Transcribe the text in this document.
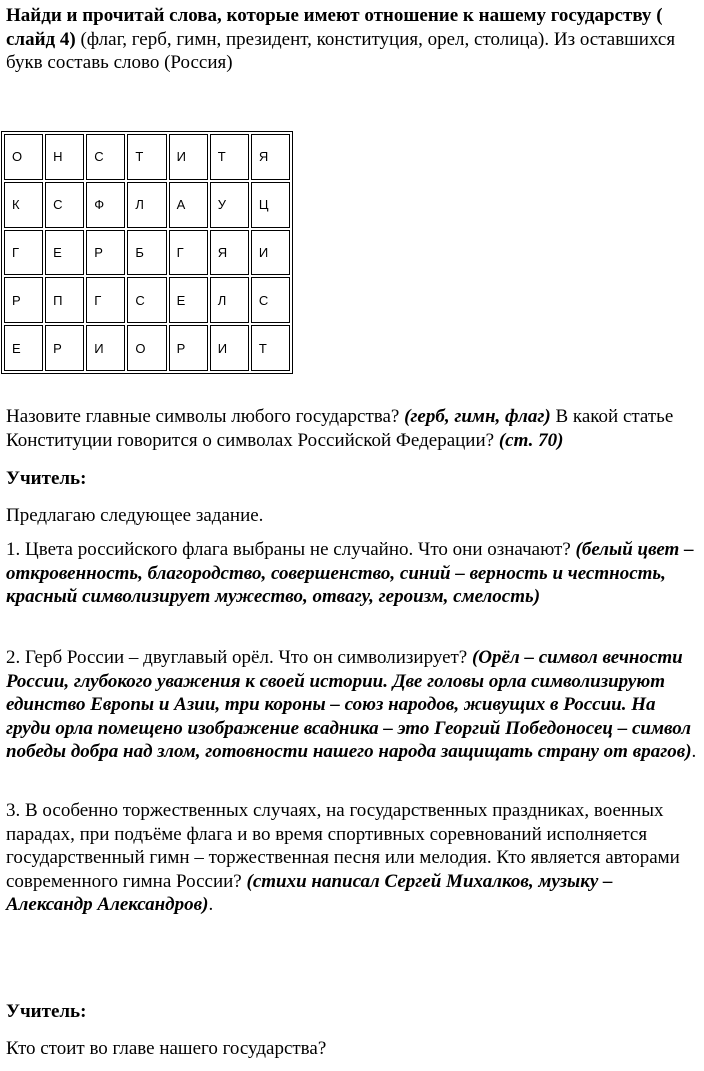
Найди и прочитай слова, которые имеют отношение к нашему государству ( слайд 4) (флаг, герб, гимн, президент, конституция, орел, столица). Из оставшихся букв составь слово (Россия)
О	Н	С	Т	И	Т	Я
К	С	Ф	Л	А	У	Ц
Г	Е	Р	Б	Г	Я	И
Р	П	Г	С	Е	Л	С
Е	Р	И	О	Р	И	Т
Назовите главные символы любого государства? (герб, гимн, флаг) В какой статье Конституции говорится о символах Российской Федерации? (ст. 70)
Учитель:
Предлагаю следующее задание.
1. Цвета российского флага выбраны не случайно. Что они означают? (белый цвет – откровенность, благородство, совершенство, синий – верность и честность, красный символизирует мужество, отвагу, героизм, смелость)
2. Герб России – двуглавый орёл. Что он символизирует? (Орёл – символ вечности России, глубокого уважения к своей истории. Две головы орла символизируют единство Европы и Азии, три короны – союз народов, живущих в России. На груди орла помещено изображение всадника – это Георгий Победоносец – символ победы добра над злом, готовности нашего народа защищать страну от врагов).
3. В особенно торжественных случаях, на государственных праздниках, военных парадах, при подъёме флага и во время спортивных соревнований исполняется государственный гимн – торжественная песня или мелодия. Кто является авторами современного гимна России? (стихи написал Сергей Михалков, музыку – Александр Александров).
Учитель:
Кто стоит во главе нашего государства?
